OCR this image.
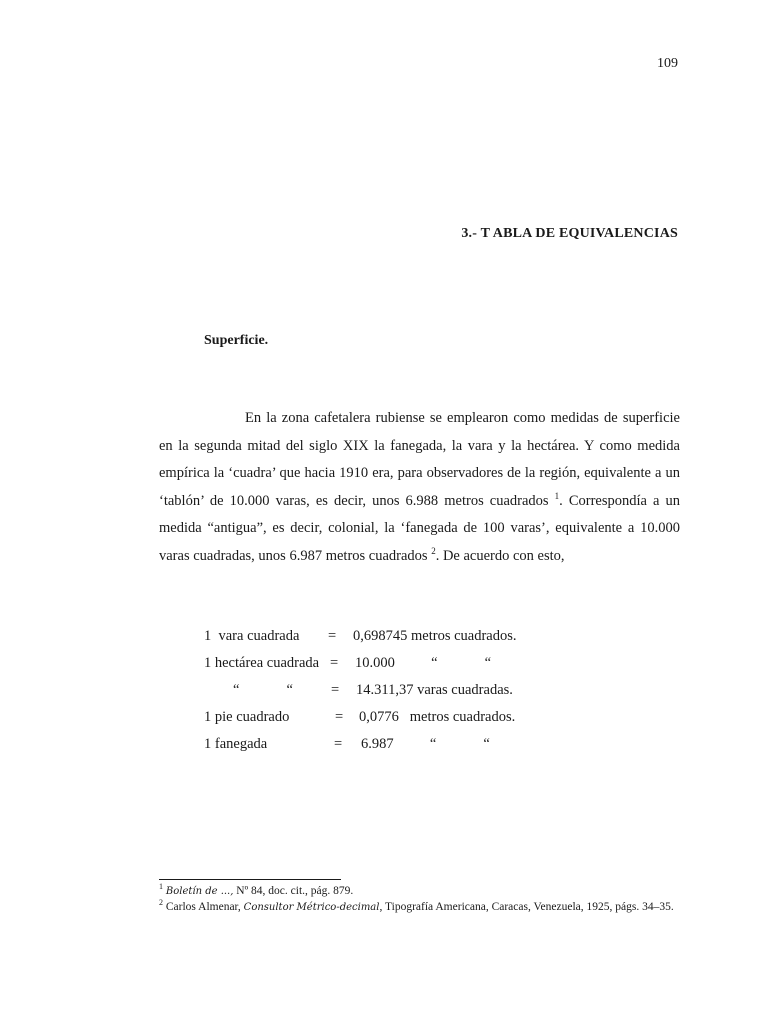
109
3.- T ABLA DE EQUIVALENCIAS
Superficie.

En la zona cafetalera rubiense se emplearon como medidas de superficie en la segunda mitad del siglo XIX la fanegada, la vara y la hectárea. Y como medida empírica la ‘cuadra’ que hacia 1910 era, para observadores de la región, equivalente a un ‘tablón’ de 10.000 varas, es decir, unos 6.988 metros cuadrados $^1$. Correspondía a un medida “antigua”, es decir, colonial, la ‘fanegada de 100 varas’, equivalente a 10.000 varas cuadradas, unos 6.987 metros cuadrados $^2$. De acuerdo con esto,

1  vara cuadrada = 0,698745 metros cuadrados.
1 hectárea cuadrada = 10.000          “             “
“             “	= 14.311,37 varas cuadradas.
1 pie cuadrado	= 0,0776   metros cuadrados.
1 fanegada	= 6.987          “             “
$^1$ Boletín de ..., Nº 84, doc. cit., pág. 879.
$^2$ Carlos Almenar, Consultor Métrico-decimal, Tipografía Americana, Caracas, Venezuela, 1925, págs. 34–35.
